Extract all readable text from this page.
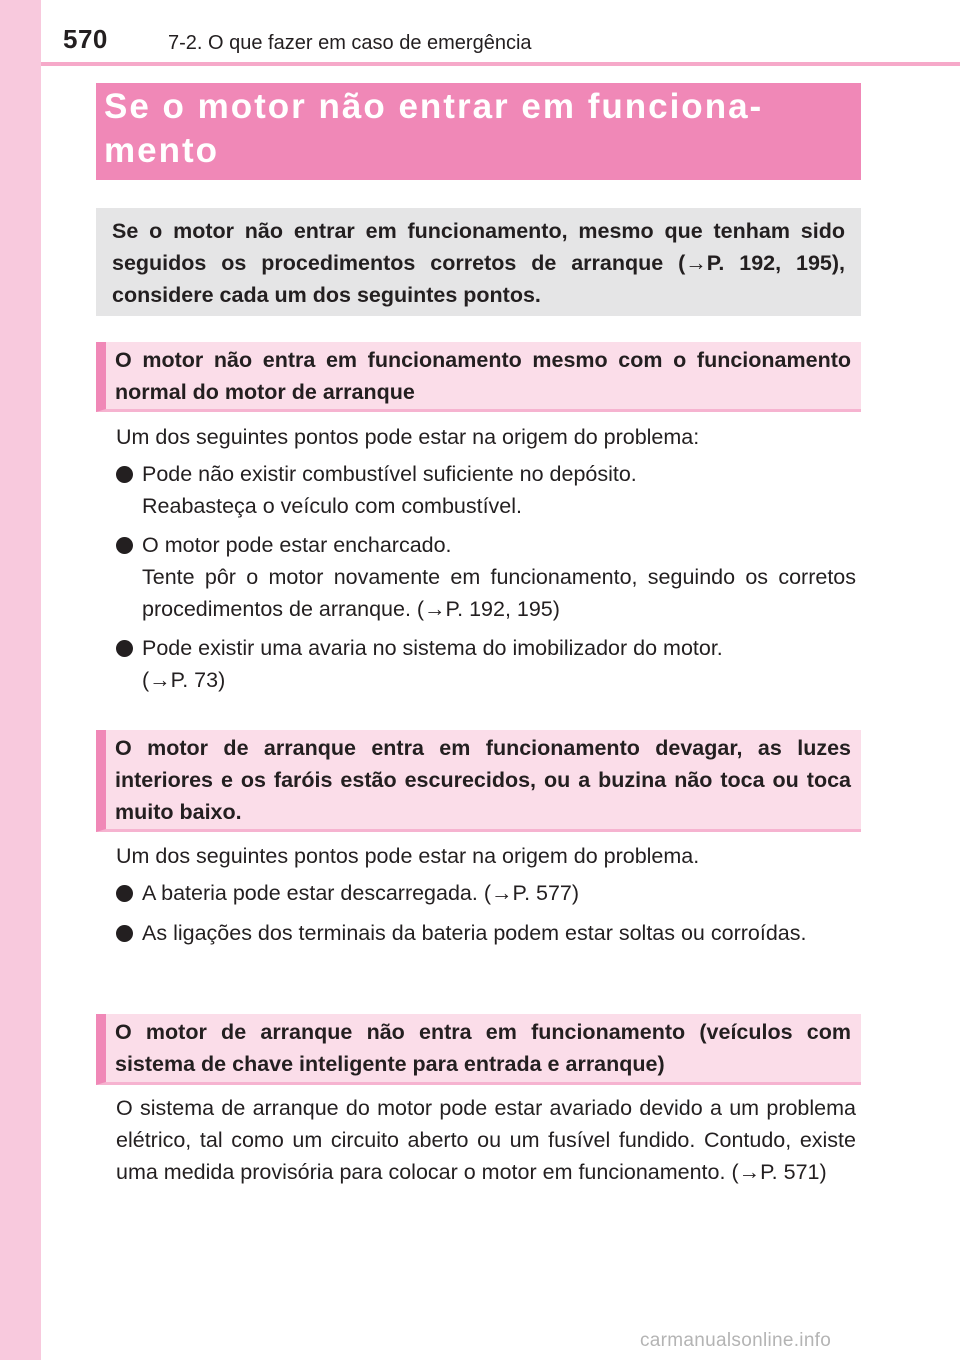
570	7-2. O que fazer em caso de emergência
Se o motor não entrar em funciona-
mento
Se o motor não entrar em funcionamento, mesmo que tenham sido seguidos os procedimentos corretos de arranque (→P. 192, 195), considere cada um dos seguintes pontos.
O motor não entra em funcionamento mesmo com o funcionamento normal do motor de arranque
Um dos seguintes pontos pode estar na origem do problema:
Pode não existir combustível suficiente no depósito.
Reabasteça o veículo com combustível.
O motor pode estar encharcado.
Tente pôr o motor novamente em funcionamento, seguindo os corretos procedimentos de arranque. (→P. 192, 195)
Pode existir uma avaria no sistema do imobilizador do motor.
(→P. 73)
O motor de arranque entra em funcionamento devagar, as luzes interiores e os faróis estão escurecidos, ou a buzina não toca ou toca muito baixo.
Um dos seguintes pontos pode estar na origem do problema.
A bateria pode estar descarregada. (→P. 577)
As ligações dos terminais da bateria podem estar soltas ou corroídas.
O motor de arranque não entra em funcionamento (veículos com sistema de chave inteligente para entrada e arranque)
O sistema de arranque do motor pode estar avariado devido a um problema elétrico, tal como um circuito aberto ou um fusível fundido. Contudo, existe uma medida provisória para colocar o motor em funcionamento. (→P. 571)
carmanualsonline.info
